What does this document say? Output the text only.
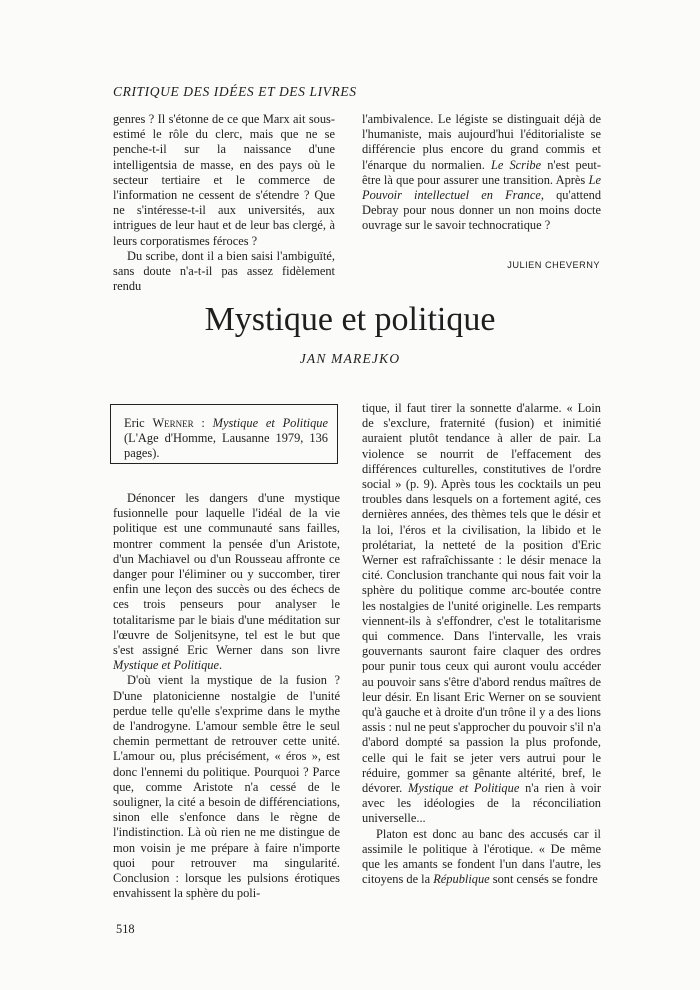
CRITIQUE DES IDÉES ET DES LIVRES

genres ? Il s'étonne de ce que Marx ait sous-estimé le rôle du clerc, mais que ne se penche-t-il sur la naissance d'une intelligentsia de masse, en des pays où le secteur tertiaire et le commerce de l'information ne cessent de s'étendre ? Que ne s'intéresse-t-il aux universités, aux intrigues de leur haut et de leur bas clergé, à leurs corporatismes féroces ?

Du scribe, dont il a bien saisi l'ambiguïté, sans doute n'a-t-il pas assez fidèlement rendu

l'ambivalence. Le légiste se distinguait déjà de l'humaniste, mais aujourd'hui l'éditorialiste se différencie plus encore du grand commis et l'énarque du normalien. Le Scribe n'est peut-être là que pour assurer une transition. Après Le Pouvoir intellectuel en France, qu'attend Debray pour nous donner un non moins docte ouvrage sur le savoir technocratique ?

JULIEN CHEVERNY
Mystique et politique
JAN MAREJKO
Eric Werner : Mystique et Politique (L'Age d'Homme, Lausanne 1979, 136 pages).

Dénoncer les dangers d'une mystique fusionnelle pour laquelle l'idéal de la vie politique est une communauté sans failles, montrer comment la pensée d'un Aristote, d'un Machiavel ou d'un Rousseau affronte ce danger pour l'éliminer ou y succomber, tirer enfin une leçon des succès ou des échecs de ces trois penseurs pour analyser le totalitarisme par le biais d'une méditation sur l'œuvre de Soljenitsyne, tel est le but que s'est assigné Eric Werner dans son livre Mystique et Politique.

D'où vient la mystique de la fusion ? D'une platonicienne nostalgie de l'unité perdue telle qu'elle s'exprime dans le mythe de l'androgyne. L'amour semble être le seul chemin permettant de retrouver cette unité. L'amour ou, plus précisément, « éros », est donc l'ennemi du politique. Pourquoi ? Parce que, comme Aristote n'a cessé de le souligner, la cité a besoin de différenciations, sinon elle s'enfonce dans le règne de l'indistinction. Là où rien ne me distingue de mon voisin je me prépare à faire n'importe quoi pour retrouver ma singularité. Conclusion : lorsque les pulsions érotiques envahissent la sphère du poli-

tique, il faut tirer la sonnette d'alarme. « Loin de s'exclure, fraternité (fusion) et inimitié auraient plutôt tendance à aller de pair. La violence se nourrit de l'effacement des différences culturelles, constitutives de l'ordre social » (p. 9). Après tous les cocktails un peu troubles dans lesquels on a fortement agité, ces dernières années, des thèmes tels que le désir et la loi, l'éros et la civilisation, la libido et le prolétariat, la netteté de la position d'Eric Werner est rafraîchissante : le désir menace la cité. Conclusion tranchante qui nous fait voir la sphère du politique comme arc-boutée contre les nostalgies de l'unité originelle. Les remparts viennent-ils à s'effondrer, c'est le totalitarisme qui commence. Dans l'intervalle, les vrais gouvernants sauront faire claquer des ordres pour punir tous ceux qui auront voulu accéder au pouvoir sans s'être d'abord rendus maîtres de leur désir. En lisant Eric Werner on se souvient qu'à gauche et à droite d'un trône il y a des lions assis : nul ne peut s'approcher du pouvoir s'il n'a d'abord dompté sa passion la plus profonde, celle qui le fait se jeter vers autrui pour le réduire, gommer sa gênante altérité, bref, le dévorer. Mystique et Politique n'a rien à voir avec les idéologies de la réconciliation universelle...

Platon est donc au banc des accusés car il assimile le politique à l'érotique. « De même que les amants se fondent l'un dans l'autre, les citoyens de la République sont censés se fondre

518
